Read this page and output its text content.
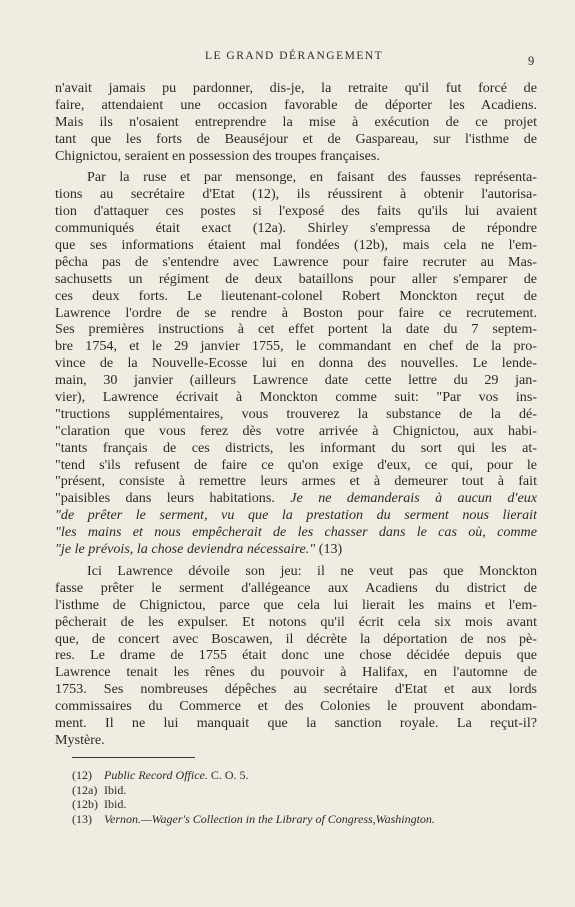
LE GRAND DÉRANGEMENT	9
n'avait jamais pu pardonner, dis-je, la retraite qu'il fut forcé de
faire, attendaient une occasion favorable de déporter les Acadiens.
Mais ils n'osaient entreprendre la mise à exécution de ce projet
tant que les forts de Beauséjour et de Gaspareau, sur l'isthme de
Chignictou, seraient en possession des troupes françaises.
Par la ruse et par mensonge, en faisant des fausses représenta-
tions au secrétaire d'Etat (12), ils réussirent à obtenir l'autorisa-
tion d'attaquer ces postes si l'exposé des faits qu'ils lui avaient
communiqués était exact (12a). Shirley s'empressa de répondre
que ses informations étaient mal fondées (12b), mais cela ne l'em-
pêcha pas de s'entendre avec Lawrence pour faire recruter au Mas-
sachusetts un régiment de deux bataillons pour aller s'emparer de
ces deux forts. Le lieutenant-colonel Robert Monckton reçut de
Lawrence l'ordre de se rendre à Boston pour faire ce recrutement.
Ses premières instructions à cet effet portent la date du 7 septem-
bre 1754, et le 29 janvier 1755, le commandant en chef de la pro-
vince de la Nouvelle-Ecosse lui en donna des nouvelles. Le lende-
main, 30 janvier (ailleurs Lawrence date cette lettre du 29 jan-
vier), Lawrence écrivait à Monckton comme suit: "Par vos ins-
"tructions supplémentaires, vous trouverez la substance de la dé-
"claration que vous ferez dès votre arrivée à Chignictou, aux habi-
"tants français de ces districts, les informant du sort qui les at-
"tend s'ils refusent de faire ce qu'on exige d'eux, ce qui, pour le
"présent, consiste à remettre leurs armes et à demeurer tout à fait
"paisibles dans leurs habitations. Je ne demanderais à aucun d'eux
"de prêter le serment, vu que la prestation du serment nous lierait
"les mains et nous empêcherait de les chasser dans le cas où, comme
"je le prévois, la chose deviendra nécessaire." (13)
Ici Lawrence dévoile son jeu: il ne veut pas que Monckton
fasse prêter le serment d'allégeance aux Acadiens du district de
l'isthme de Chignictou, parce que cela lui lierait les mains et l'em-
pêcherait de les expulser. Et notons qu'il écrit cela six mois avant
que, de concert avec Boscawen, il décrète la déportation de nos pè-
res. Le drame de 1755 était donc une chose décidée depuis que
Lawrence tenait les rênes du pouvoir à Halifax, en l'automne de
1753. Ses nombreuses dépêches au secrétaire d'Etat et aux lords
commissaires du Commerce et des Colonies le prouvent abondam-
ment. Il ne lui manquait que la sanction royale. La reçut-il?
Mystère.
(12) Public Record Office. C. O. 5.
(12a) Ibid.
(12b) Ibid.
(13) Vernon.—Wager's Collection in the Library of Congress,Washington.
